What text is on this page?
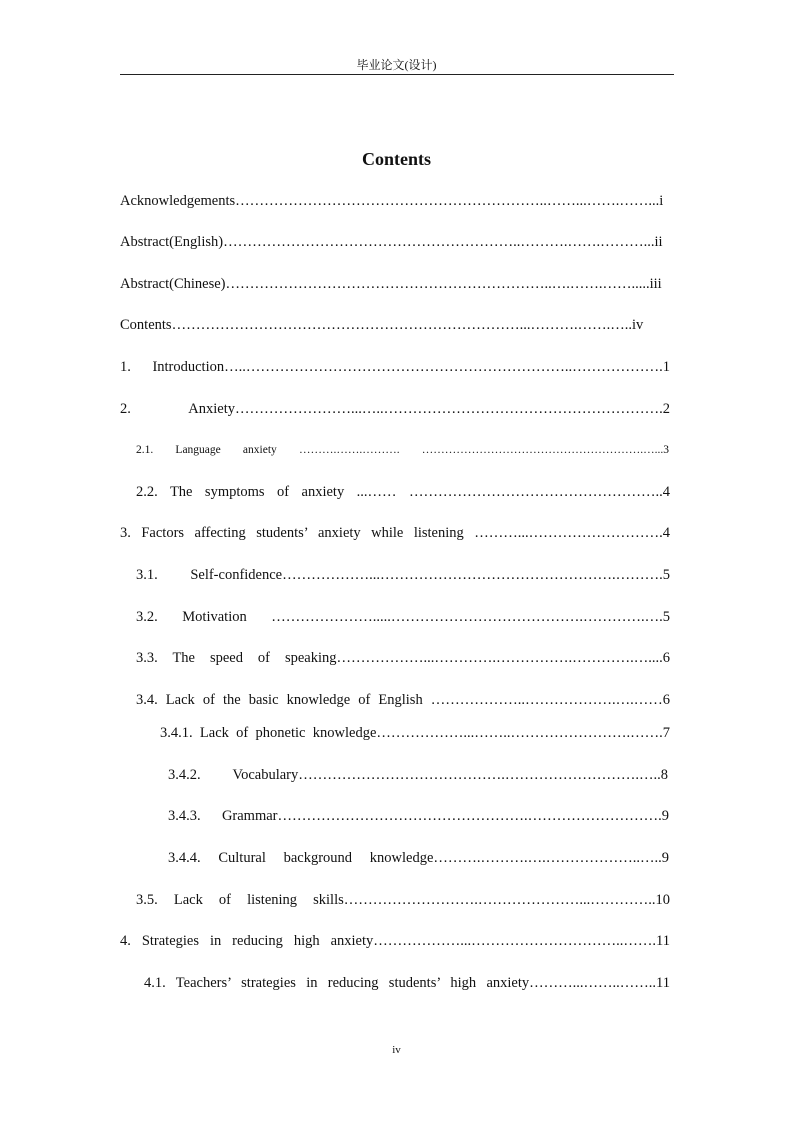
毕业论文(设计)
Contents
Acknowledgements………………………………………………………..……...…….……...i
Abstract(English)……………………………………………………..……….…….………...ii
Abstract(Chinese)…………………………………………………………..….…….…….....iii
Contents………………………………………………………………...……….…….…..iv
1. Introduction…..…………………………………………………………..……………….1
2. Anxiety……………………...…..………………………………………………….2
2.1. Language anxiety ……….…….………. ………………………………………………….…...3
2.2. The symptoms of anxiety ...…… ……………………………………………..4
3. Factors affecting students’ anxiety while listening ………...……………………….4
3.1. Self-confidence………………...………………………………………….……….5
3.2. Motivation ………………….....………………………………….………….….5
3.3. The speed of speaking………………...………….…………….………….…....6
3.4. Lack of the basic knowledge of English ………………..……………….….……6
3.4.1. Lack of phonetic knowledge………………...……..…………………….…….7
3.4.2. Vocabulary…………………………………….……………………….…..8
3.4.3. Grammar…………………………………………….……………………….9
3.4.4. Cultural background knowledge……….……….….………………..…..9
3.5. Lack of listening skills……………………….…………………...…………..10
4. Strategies in reducing high anxiety………………...…………………………..…….11
4.1. Teachers’ strategies in reducing students’ high anxiety………...……..……..11
iv
